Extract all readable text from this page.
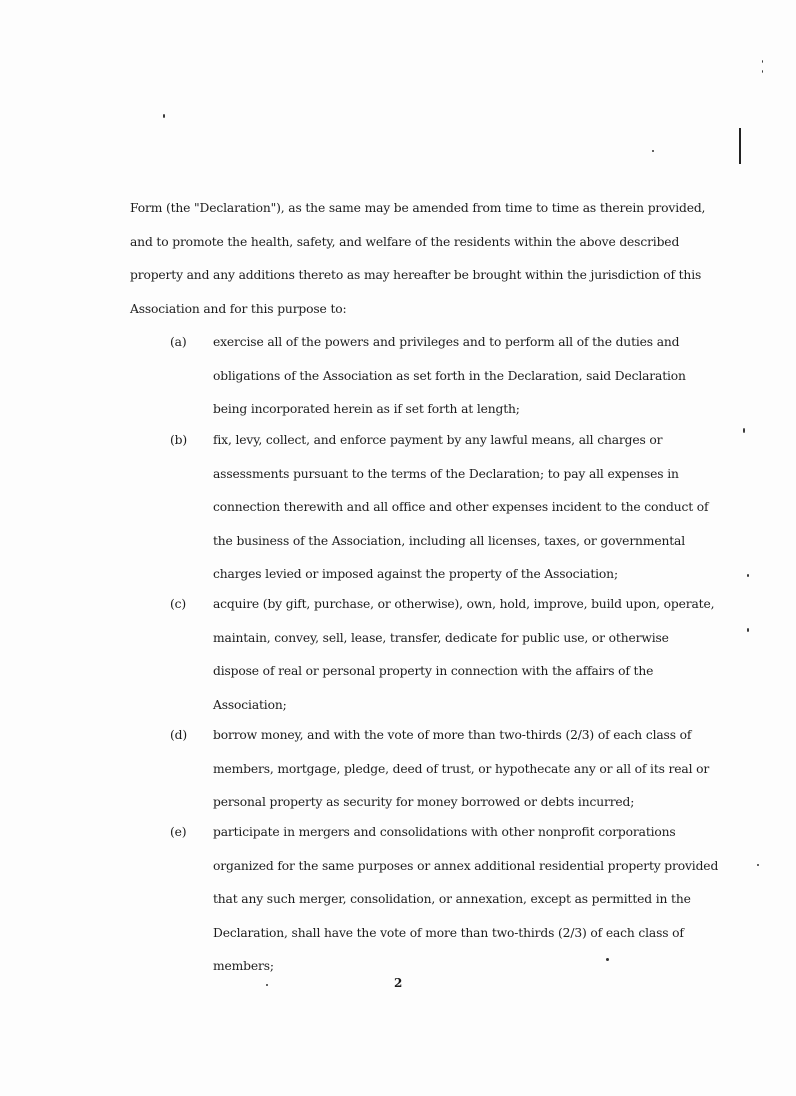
Form (the "Declaration"), as the same may be amended from time to time as therein provided,
and to promote the health, safety, and welfare of the residents within the above described
property and any additions thereto as may hereafter be brought within the jurisdiction of this
Association and for this purpose to:
(a) exercise all of the powers and privileges and to perform all of the duties and
obligations of the Association as set forth in the Declaration, said Declaration
being incorporated herein as if set forth at length;
(b) fix, levy, collect, and enforce payment by any lawful means, all charges or
assessments pursuant to the terms of the Declaration; to pay all expenses in
connection therewith and all office and other expenses incident to the conduct of
the business of the Association, including all licenses, taxes, or governmental
charges levied or imposed against the property of the Association;
(c) acquire (by gift, purchase, or otherwise), own, hold, improve, build upon, operate,
maintain, convey, sell, lease, transfer, dedicate for public use, or otherwise
dispose of real or personal property in connection with the affairs of the
Association;
(d) borrow money, and with the vote of more than two-thirds (2/3) of each class of
members, mortgage, pledge, deed of trust, or hypothecate any or all of its real or
personal property as security for money borrowed or debts incurred;
(e) participate in mergers and consolidations with other nonprofit corporations
organized for the same purposes or annex additional residential property provided
that any such merger, consolidation, or annexation, except as permitted in the
Declaration, shall have the vote of more than two-thirds (2/3) of each class of
members;
2
